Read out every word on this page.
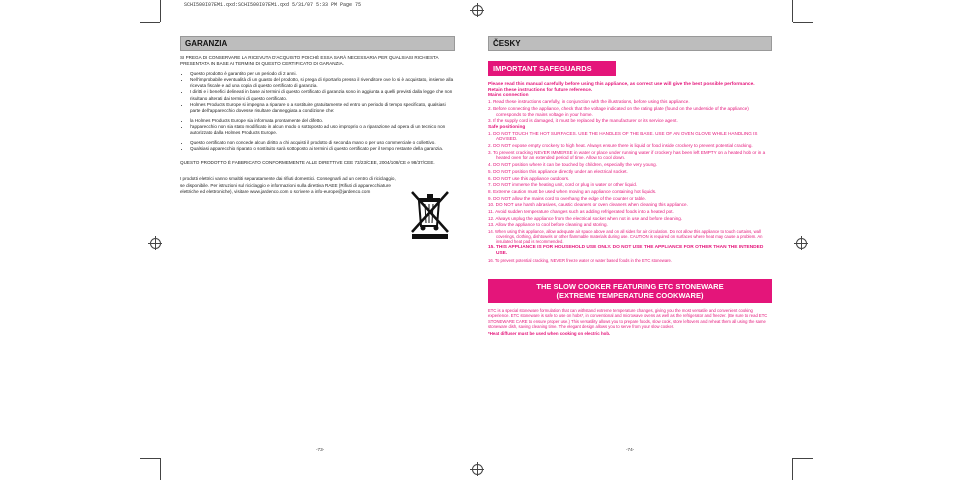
SCHI500I07EM1.qxd:SCHI500I07EM1.qxd 5/31/07 5:33 PM Page 75
GARANZIA

SI PREGA DI CONSERVARE LA RICEVUTA D'ACQUISTO POICHÈ ESSA SARÀ NECESSARIA PER QUALSIASI RICHIESTA PRESENTATA IN BASE AI TERMINI DI QUESTO CERTIFICATO DI GARANZIA.

• Questo prodotto è garantito per un periodo di 2 anni.
• Nell'improbabile eventualità di un guasto del prodotto, si prega di riportarlo presso il rivenditore ove lo si è acquistato, insieme alla ricevuta fiscale e ad una copia di questo certificato di garanzia.
• I diritti e i benefici delineati in base ai termini di questo certificato di garanzia sono in aggiunta a quelli previsti dalla legge che non risultano alterati dai termini di questo certificato.
• Holmes Products Europe si impegna a riparare o a sostituire gratuitamente ed entro un periodo di tempo specificato, qualsiasi parte dell'apparecchio dovesse risultare danneggiata a condizione che:
• la Holmes Products Europe sia informata prontamente del difetto.
• l'apparecchio non sia stato modificato in alcun modo o sottoposto ad uso improprio o a riparazione ad opera di un tecnico non autorizzato dalla Holmes Products Europe.
• Questo certificato non concede alcun diritto a chi acquisti il prodotto di seconda mano o per uso commerciale o collettivo.
• Qualsiasi apparecchio riparato o sostituito sarà sottoposto ai termini di questo certificato per il tempo restante della garanzia.

QUESTO PRODOTTO È FABBRICATO CONFORMEMENTE ALLE DIRETTIVE CEE 73/23/CEE, 2004/108/CE e 98/37/CEE.

I prodotti elettrici vanno smaltiti separatamente dai rifiuti domestici. Consegnarli ad un centro di riciclaggio, se disponibile. Per istruzioni sul riciclaggio e informazioni sulla direttiva RAEE (Rifiuti di apparecchiature elettriche ed elettroniche), visitare www.jardenco.com o scrivere a info-europe@jardenco.com

-73-
ČESKY
IMPORTANT SAFEGUARDS
Please read this manual carefully before using this appliance, as correct use will give the best possible performance.
Retain these instructions for future reference.
Mains connection
1. Read these instructions carefully, in conjunction with the illustrations, before using this appliance.
2. Before connecting the appliance, check that the voltage indicated on the rating plate (found on the underside of the appliance) corresponds to the mains voltage in your home.
3. If the supply cord is damaged, it must be replaced by the manufacturer or its service agent.
Safe positioning
1. DO NOT TOUCH THE HOT SURFACES. USE THE HANDLES OF THE BASE. USE OF AN OVEN GLOVE WHILE HANDLING IS ADVISED.
2. DO NOT expose empty crockery to high heat. Always ensure there is liquid or food inside crockery to prevent potential cracking.
3. To prevent cracking NEVER IMMERSE in water or place under running water if crockery has been left EMPTY on a heated hob or in a heated oven for an extended period of time. Allow to cool down.
4. DO NOT position where it can be touched by children, especially the very young.
5. DO NOT position this appliance directly under an electrical socket.
6. DO NOT use this appliance outdoors.
7. DO NOT immerse the heating unit, cord or plug in water or other liquid.
8. Extreme caution must be used when moving an appliance containing hot liquids.
9. DO NOT allow the mains cord to overhang the edge of the counter or table.
10. DO NOT use harsh abrasives, caustic cleaners or oven cleaners when cleaning this appliance.
11. Avoid sudden temperature changes such as adding refrigerated foods into a heated pot.
12. Always unplug the appliance from the electrical socket when not in use and before cleaning.
13. Allow the appliance to cool before cleaning and storing.
14. When using this appliance, allow adequate air space above and on all sides for air circulation. Do not allow this appliance to touch curtains, wall coverings, clothing, dishtowels or other flammable materials during use. CAUTION is required on surfaces where heat may cause a problem. An insulated heat pad is recommended.
15. THIS APPLIANCE IS FOR HOUSEHOLD USE ONLY. DO NOT USE THE APPLIANCE FOR OTHER THAN THE INTENDED USE.
16. To prevent potential cracking, NEVER freeze water or water based foods in the ETC stoneware.
THE SLOW COOKER FEATURING ETC STONEWARE
(EXTREME TEMPERATURE COOKWARE)
ETC is a special stoneware formulation that can withstand extreme temperature changes, giving you the most versatile and convenient cooking experience. ETC stoneware is safe to use on hobs*, in conventional and microwave ovens as well as the refrigerator and freezer. (Be sure to read ETC STONEWARE CARE to ensure proper use.) This versatility allows you to prepare foods, slow cook, store leftovers and reheat them all using the same stoneware dish, saving cleaning time. The elegant design allows you to serve from your slow cooker.
*Heat diffuser must be used when cooking on electric hob.
-74-
